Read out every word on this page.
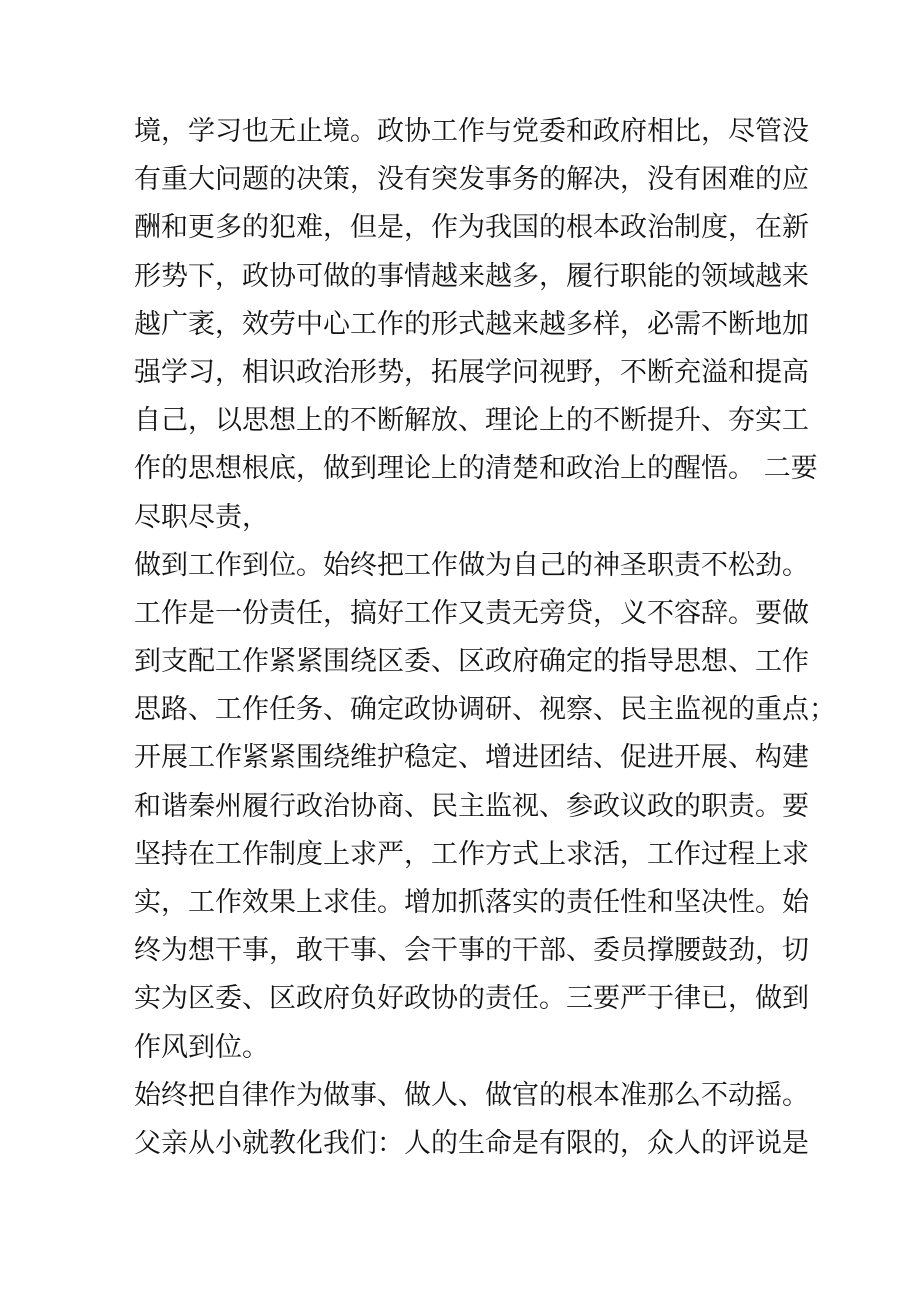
境，学习也无止境。政协工作与党委和政府相比，尽管没
有重大问题的决策，没有突发事务的解决，没有困难的应
酬和更多的犯难，但是，作为我国的根本政治制度，在新
形势下，政协可做的事情越来越多，履行职能的领域越来
越广袤，效劳中心工作的形式越来越多样，必需不断地加
强学习，相识政治形势，拓展学问视野，不断充溢和提高
自己，以思想上的不断解放、理论上的不断提升、夯实工
作的思想根底，做到理论上的清楚和政治上的醒悟。 二要
尽职尽责，
做到工作到位。始终把工作做为自己的神圣职责不松劲。
工作是一份责任，搞好工作又责无旁贷，义不容辞。要做
到支配工作紧紧围绕区委、区政府确定的指导思想、工作
思路、工作任务、确定政协调研、视察、民主监视的重点；
开展工作紧紧围绕维护稳定、增进团结、促进开展、构建
和谐秦州履行政治协商、民主监视、参政议政的职责。要
坚持在工作制度上求严，工作方式上求活，工作过程上求
实，工作效果上求佳。增加抓落实的责任性和坚决性。始
终为想干事，敢干事、会干事的干部、委员撑腰鼓劲，切
实为区委、区政府负好政协的责任。三要严于律已，做到
作风到位。
始终把自律作为做事、做人、做官的根本准那么不动摇。
父亲从小就教化我们：人的生命是有限的，众人的评说是
